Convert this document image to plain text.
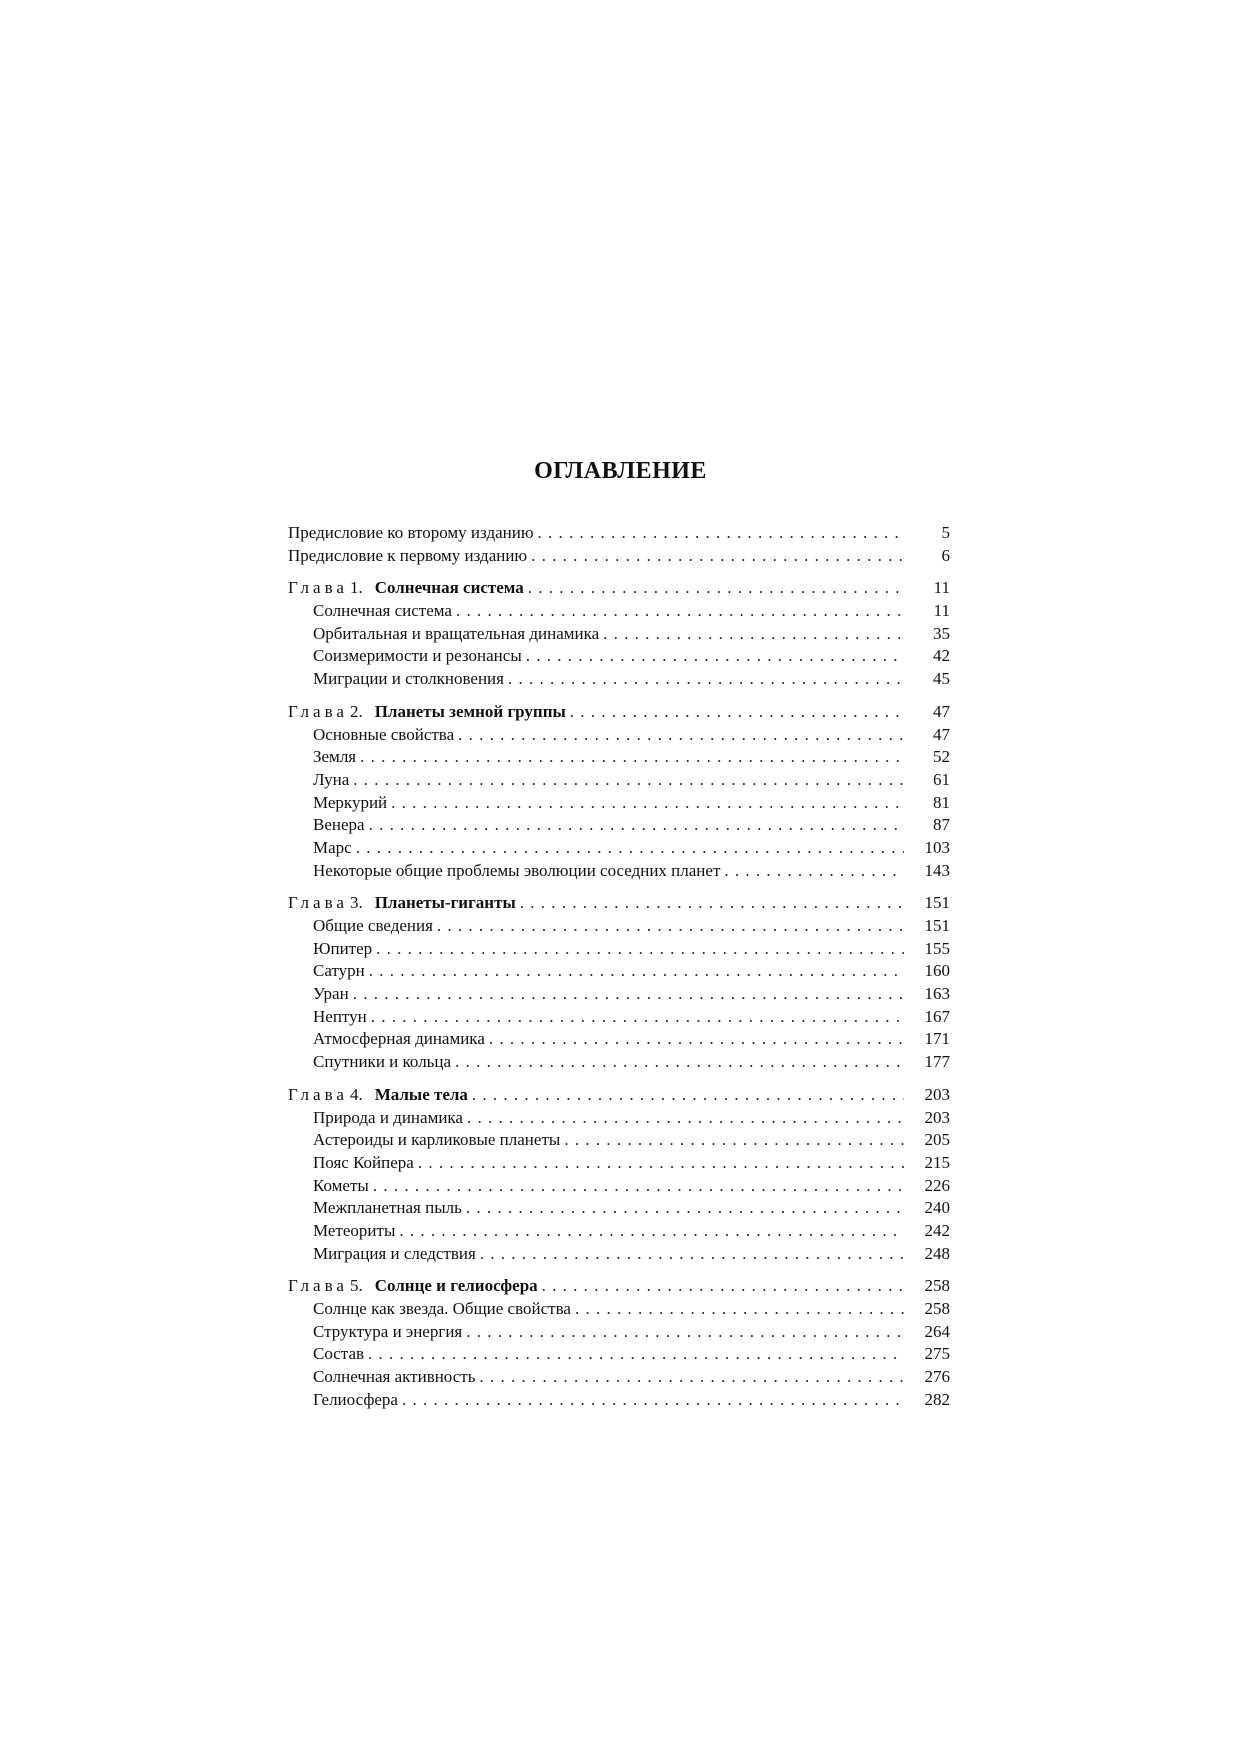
ОГЛАВЛЕНИЕ
Предисловие ко второму изданию . . .	5
Предисловие к первому изданию . . .	6
Глава 1. Солнечная система . . .	11
Солнечная система . . .	11
Орбитальная и вращательная динамика . . .	35
Соизмеримости и резонансы . . .	42
Миграции и столкновения . . .	45
Глава 2. Планеты земной группы . . .	47
Основные свойства . . .	47
Земля . . .	52
Луна . . .	61
Меркурий . . .	81
Венера . . .	87
Марс . . .	103
Некоторые общие проблемы эволюции соседних планет . . .	143
Глава 3. Планеты-гиганты . . .	151
Общие сведения . . .	151
Юпитер . . .	155
Сатурн . . .	160
Уран . . .	163
Нептун . . .	167
Атмосферная динамика . . .	171
Спутники и кольца . . .	177
Глава 4. Малые тела . . .	203
Природа и динамика . . .	203
Астероиды и карликовые планеты . . .	205
Пояс Койпера . . .	215
Кометы . . .	226
Межпланетная пыль . . .	240
Метеориты . . .	242
Миграция и следствия . . .	248
Глава 5. Солнце и гелиосфера . . .	258
Солнце как звезда. Общие свойства . . .	258
Структура и энергия . . .	264
Состав . . .	275
Солнечная активность . . .	276
Гелиосфера . . .	282
